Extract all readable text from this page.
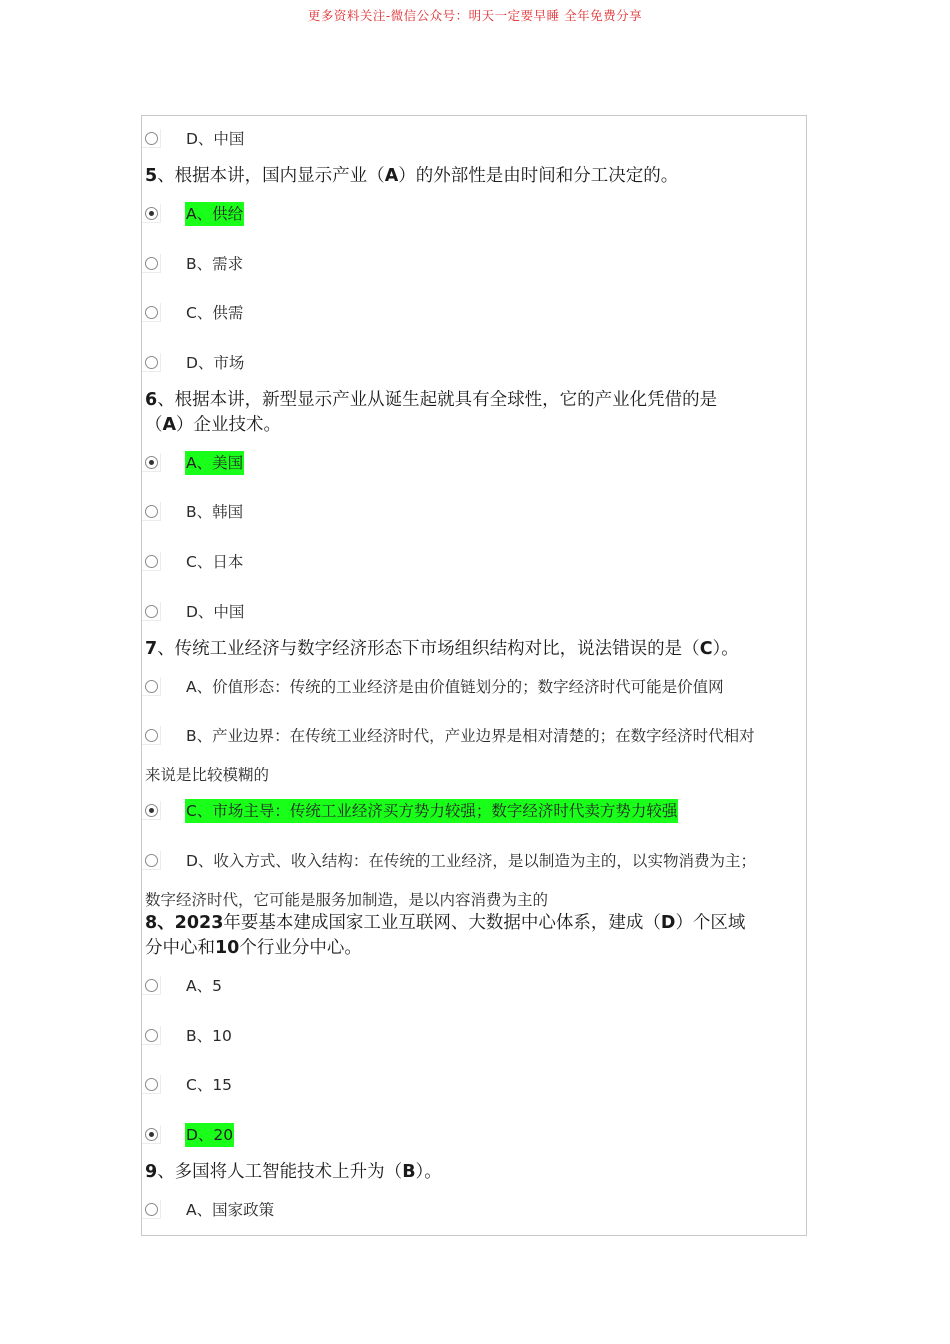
更多资料关注-微信公众号：明天一定要早睡 全年免费分享
D、中国
5、根据本讲，国内显示产业（A）的外部性是由时间和分工决定的。
A、供给
B、需求
C、供需
D、市场
6、根据本讲，新型显示产业从诞生起就具有全球性，它的产业化凭借的是
（A）企业技术。
A、美国
B、韩国
C、日本
D、中国
7、传统工业经济与数字经济形态下市场组织结构对比，说法错误的是（C）。
A、价值形态：传统的工业经济是由价值链划分的；数字经济时代可能是价值网
B、产业边界：在传统工业经济时代，产业边界是相对清楚的；在数字经济时代相对
来说是比较模糊的
C、市场主导：传统工业经济买方势力较强；数字经济时代卖方势力较强
D、收入方式、收入结构：在传统的工业经济，是以制造为主的，以实物消费为主；
数字经济时代，它可能是服务加制造，是以内容消费为主的
8、2023年要基本建成国家工业互联网、大数据中心体系，建成（D）个区域
分中心和10个行业分中心。
A、5
B、10
C、15
D、20
9、多国将人工智能技术上升为（B）。
A、国家政策
